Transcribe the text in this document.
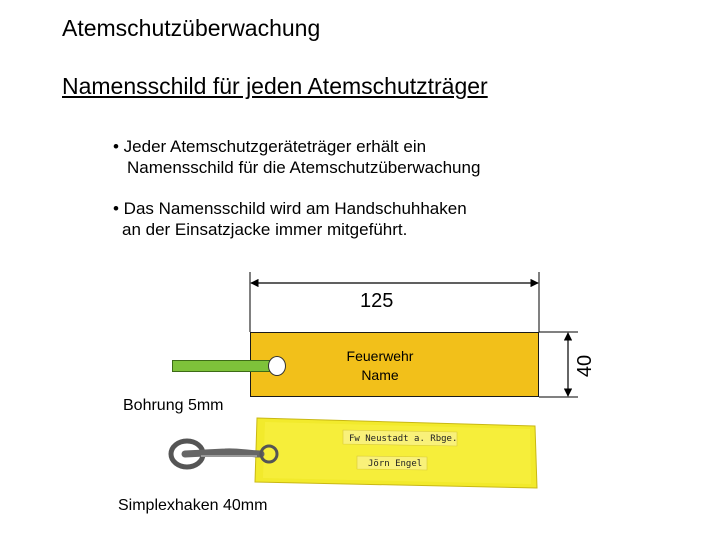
Atemschutzüberwachung
Namensschild für jeden Atemschutzträger
• Jeder Atemschutzgeräteträger erhält ein
Namensschild für die Atemschutzüberwachung
• Das Namensschild wird am Handschuhhaken
an der Einsatzjacke immer mitgeführt.
125
40
Feuerwehr
Name
Bohrung 5mm
Fw Neustadt a. Rbge.
Jörn Engel
Simplexhaken 40mm
